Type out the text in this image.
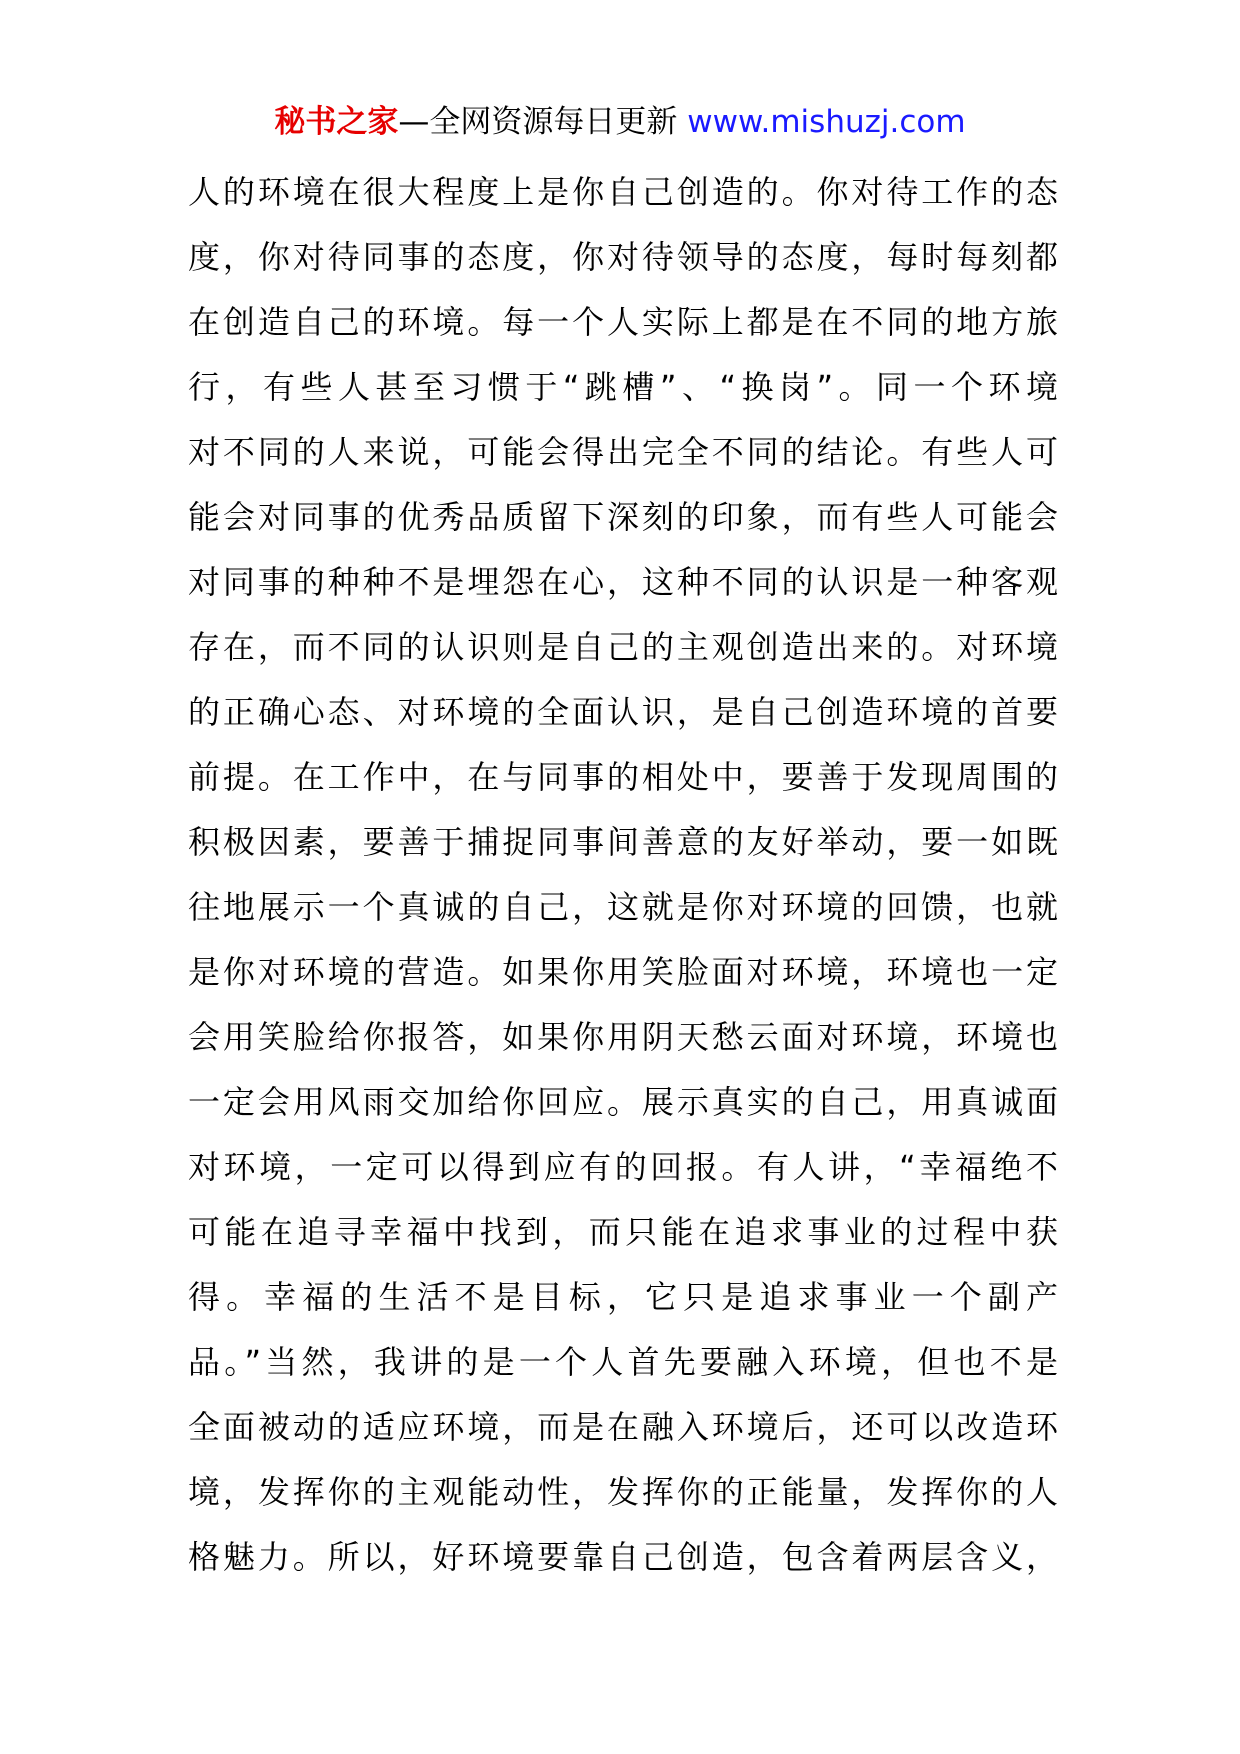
秘书之家—全网资源每日更新 www.mishuzj.com
人的环境在很大程度上是你自己创造的。你对待工作的态
度，你对待同事的态度，你对待领导的态度，每时每刻都
在创造自己的环境。每一个人实际上都是在不同的地方旅
行，有些人甚至习惯于“跳槽”、“换岗”。同一个环境
对不同的人来说，可能会得出完全不同的结论。有些人可
能会对同事的优秀品质留下深刻的印象，而有些人可能会
对同事的种种不是埋怨在心，这种不同的认识是一种客观
存在，而不同的认识则是自己的主观创造出来的。对环境
的正确心态、对环境的全面认识，是自己创造环境的首要
前提。在工作中，在与同事的相处中，要善于发现周围的
积极因素，要善于捕捉同事间善意的友好举动，要一如既
往地展示一个真诚的自己，这就是你对环境的回馈，也就
是你对环境的营造。如果你用笑脸面对环境，环境也一定
会用笑脸给你报答，如果你用阴天愁云面对环境，环境也
一定会用风雨交加给你回应。展示真实的自己，用真诚面
对环境，一定可以得到应有的回报。有人讲，“幸福绝不
可能在追寻幸福中找到，而只能在追求事业的过程中获
得。幸福的生活不是目标，它只是追求事业一个副产
品。”当然，我讲的是一个人首先要融入环境，但也不是
全面被动的适应环境，而是在融入环境后，还可以改造环
境，发挥你的主观能动性，发挥你的正能量，发挥你的人
格魅力。所以，好环境要靠自己创造，包含着两层含义，
